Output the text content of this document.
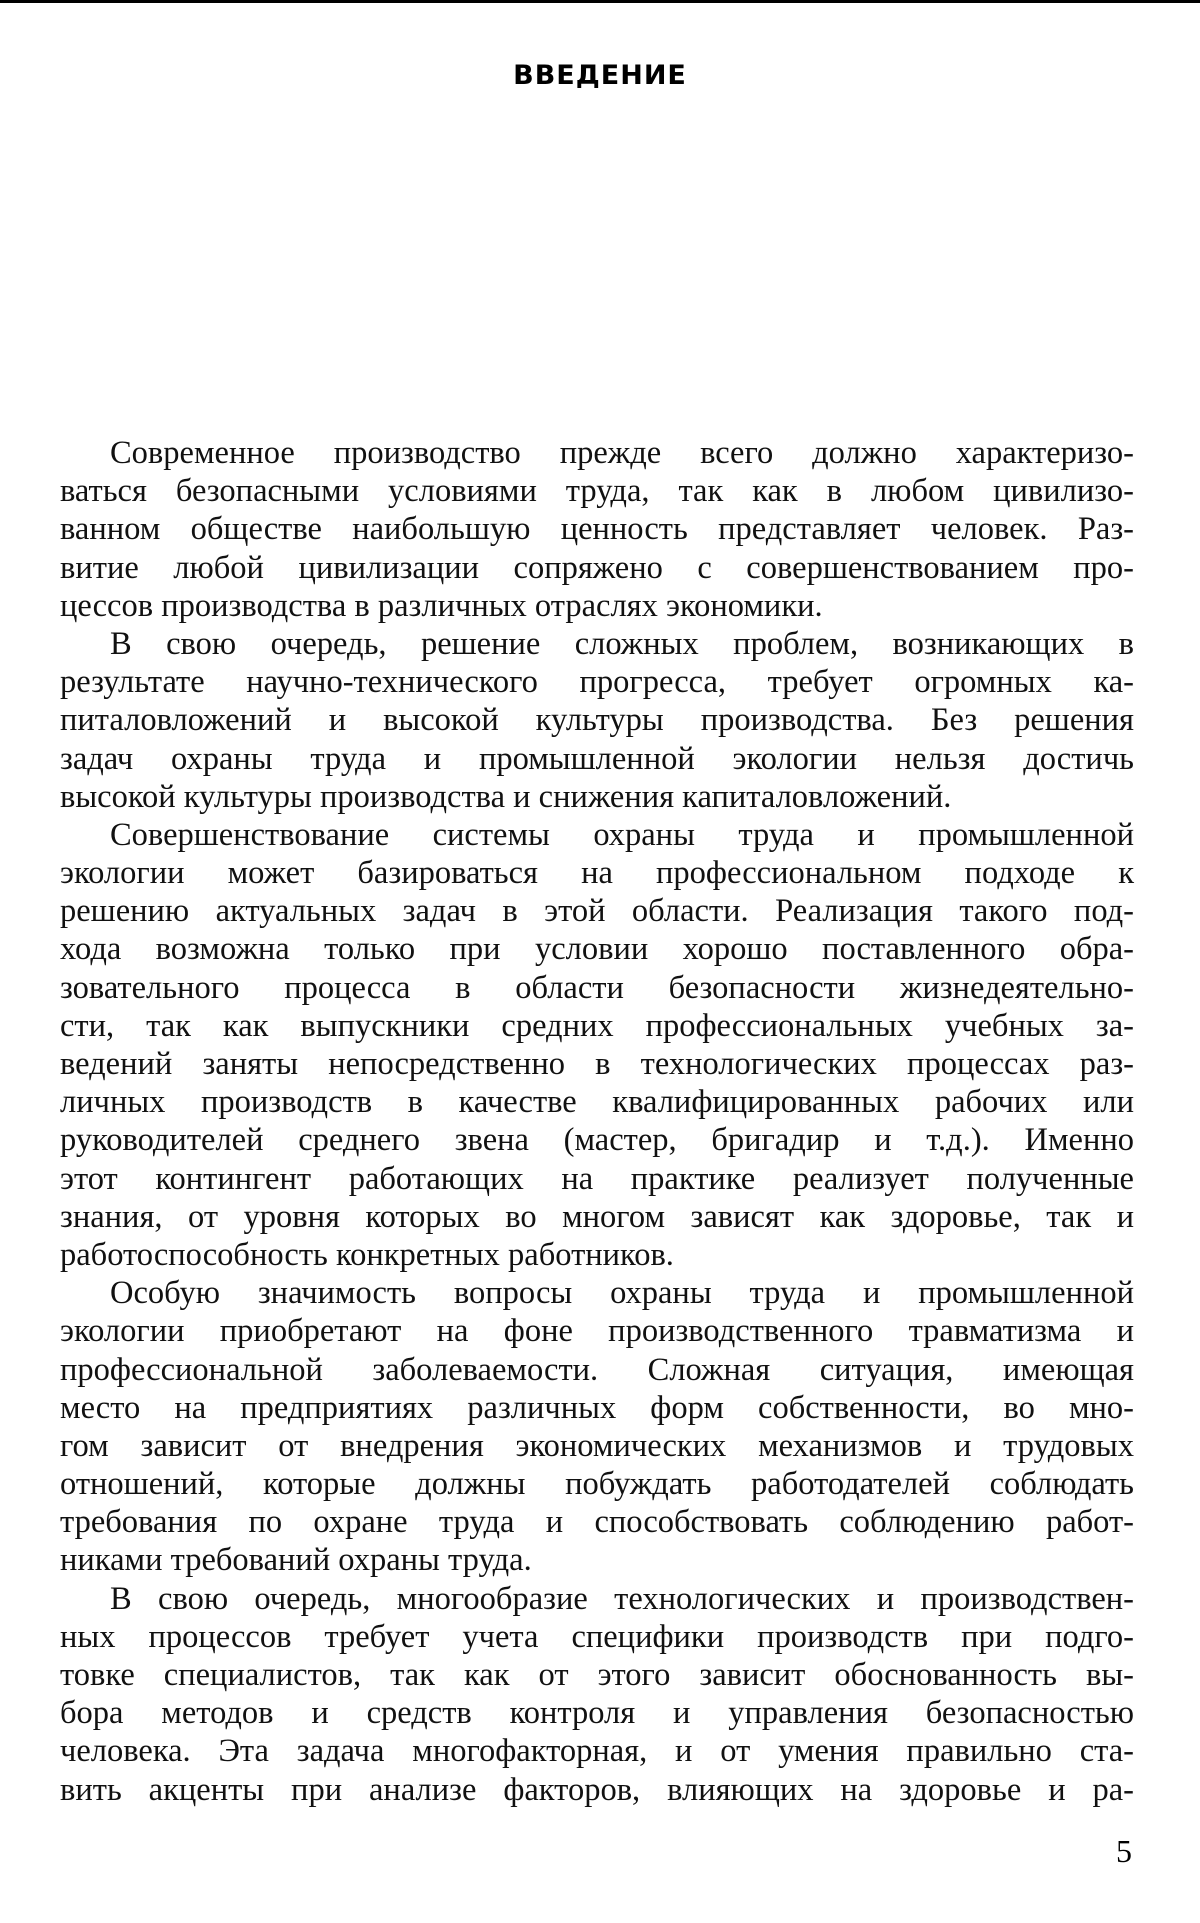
ВВЕДЕНИЕ
Современное производство прежде всего должно характеризо-
ваться безопасными условиями труда, так как в любом цивилизо-
ванном обществе наибольшую ценность представляет человек. Раз-
витие любой цивилизации сопряжено с совершенствованием про-
цессов производства в различных отраслях экономики.
В свою очередь, решение сложных проблем, возникающих в
результате научно-технического прогресса, требует огромных ка-
питаловложений и высокой культуры производства. Без решения
задач охраны труда и промышленной экологии нельзя достичь
высокой культуры производства и снижения капиталовложений.
Совершенствование системы охраны труда и промышленной
экологии может базироваться на профессиональном подходе к
решению актуальных задач в этой области. Реализация такого под-
хода возможна только при условии хорошо поставленного обра-
зовательного процесса в области безопасности жизнедеятельно-
сти, так как выпускники средних профессиональных учебных за-
ведений заняты непосредственно в технологических процессах раз-
личных производств в качестве квалифицированных рабочих или
руководителей среднего звена (мастер, бригадир и т.д.). Именно
этот контингент работающих на практике реализует полученные
знания, от уровня которых во многом зависят как здоровье, так и
работоспособность конкретных работников.
Особую значимость вопросы охраны труда и промышленной
экологии приобретают на фоне производственного травматизма и
профессиональной заболеваемости. Сложная ситуация, имеющая
место на предприятиях различных форм собственности, во мно-
гом зависит от внедрения экономических механизмов и трудовых
отношений, которые должны побуждать работодателей соблюдать
требования по охране труда и способствовать соблюдению работ-
никами требований охраны труда.
В свою очередь, многообразие технологических и производствен-
ных процессов требует учета специфики производств при подго-
товке специалистов, так как от этого зависит обоснованность вы-
бора методов и средств контроля и управления безопасностью
человека. Эта задача многофакторная, и от умения правильно ста-
вить акценты при анализе факторов, влияющих на здоровье и ра-
5
